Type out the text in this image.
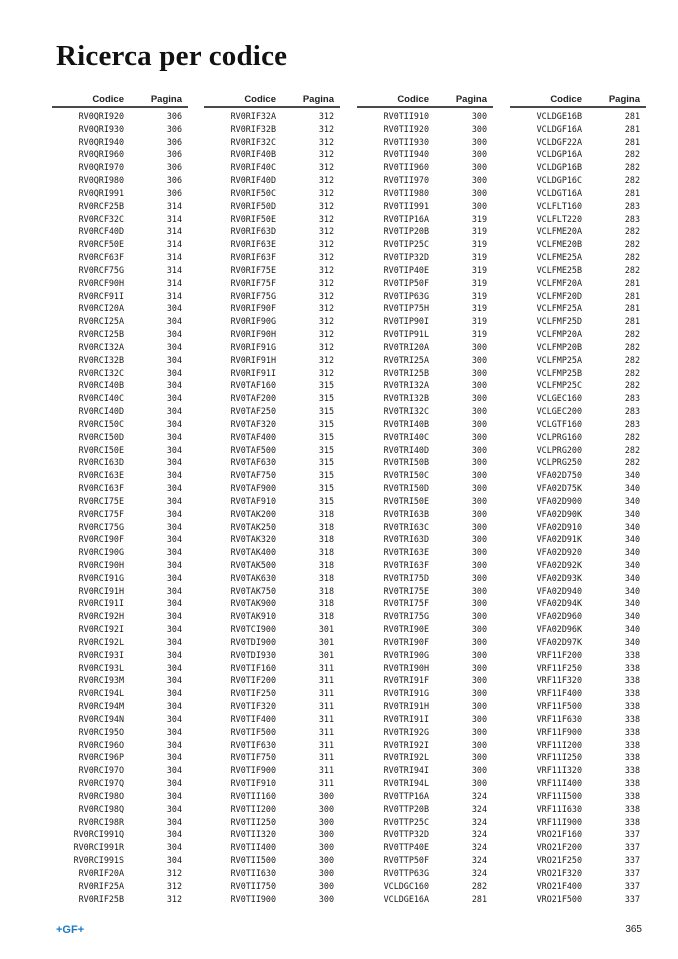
Ricerca per codice
Codice	Pagina
RV0QRI920	306
RV0QRI930	306
RV0QRI940	306
RV0QRI960	306
RV0QRI970	306
RV0QRI980	306
RV0QRI991	306
RV0RCF25B	314
RV0RCF32C	314
RV0RCF40D	314
RV0RCF50E	314
RV0RCF63F	314
RV0RCF75G	314
RV0RCF90H	314
RV0RCF91I	314
RV0RCI20A	304
RV0RCI25A	304
RV0RCI25B	304
RV0RCI32A	304
RV0RCI32B	304
RV0RCI32C	304
RV0RCI40B	304
RV0RCI40C	304
RV0RCI40D	304
RV0RCI50C	304
RV0RCI50D	304
RV0RCI50E	304
RV0RCI63D	304
RV0RCI63E	304
RV0RCI63F	304
RV0RCI75E	304
RV0RCI75F	304
RV0RCI75G	304
RV0RCI90F	304
RV0RCI90G	304
RV0RCI90H	304
RV0RCI91G	304
RV0RCI91H	304
RV0RCI91I	304
RV0RCI92H	304
RV0RCI92I	304
RV0RCI92L	304
RV0RCI93I	304
RV0RCI93L	304
RV0RCI93M	304
RV0RCI94L	304
RV0RCI94M	304
RV0RCI94N	304
RV0RCI95O	304
RV0RCI96O	304
RV0RCI96P	304
RV0RCI97O	304
RV0RCI97Q	304
RV0RCI98O	304
RV0RCI98Q	304
RV0RCI98R	304
RV0RCI991Q	304
RV0RCI991R	304
RV0RCI991S	304
RV0RIF20A	312
RV0RIF25A	312
RV0RIF25B	312
Codice	Pagina
RV0RIF32A	312
RV0RIF32B	312
RV0RIF32C	312
RV0RIF40B	312
RV0RIF40C	312
RV0RIF40D	312
RV0RIF50C	312
RV0RIF50D	312
RV0RIF50E	312
RV0RIF63D	312
RV0RIF63E	312
RV0RIF63F	312
RV0RIF75E	312
RV0RIF75F	312
RV0RIF75G	312
RV0RIF90F	312
RV0RIF90G	312
RV0RIF90H	312
RV0RIF91G	312
RV0RIF91H	312
RV0RIF91I	312
RV0TAF160	315
RV0TAF200	315
RV0TAF250	315
RV0TAF320	315
RV0TAF400	315
RV0TAF500	315
RV0TAF630	315
RV0TAF750	315
RV0TAF900	315
RV0TAF910	315
RV0TAK200	318
RV0TAK250	318
RV0TAK320	318
RV0TAK400	318
RV0TAK500	318
RV0TAK630	318
RV0TAK750	318
RV0TAK900	318
RV0TAK910	318
RV0TCI900	301
RV0TDI900	301
RV0TDI930	301
RV0TIF160	311
RV0TIF200	311
RV0TIF250	311
RV0TIF320	311
RV0TIF400	311
RV0TIF500	311
RV0TIF630	311
RV0TIF750	311
RV0TIF900	311
RV0TIF910	311
RV0TII160	300
RV0TII200	300
RV0TII250	300
RV0TII320	300
RV0TII400	300
RV0TII500	300
RV0TII630	300
RV0TII750	300
RV0TII900	300
Codice	Pagina
RV0TII910	300
RV0TII920	300
RV0TII930	300
RV0TII940	300
RV0TII960	300
RV0TII970	300
RV0TII980	300
RV0TII991	300
RV0TIP16A	319
RV0TIP20B	319
RV0TIP25C	319
RV0TIP32D	319
RV0TIP40E	319
RV0TIP50F	319
RV0TIP63G	319
RV0TIP75H	319
RV0TIP90I	319
RV0TIP91L	319
RV0TRI20A	300
RV0TRI25A	300
RV0TRI25B	300
RV0TRI32A	300
RV0TRI32B	300
RV0TRI32C	300
RV0TRI40B	300
RV0TRI40C	300
RV0TRI40D	300
RV0TRI50B	300
RV0TRI50C	300
RV0TRI50D	300
RV0TRI50E	300
RV0TRI63B	300
RV0TRI63C	300
RV0TRI63D	300
RV0TRI63E	300
RV0TRI63F	300
RV0TRI75D	300
RV0TRI75E	300
RV0TRI75F	300
RV0TRI75G	300
RV0TRI90E	300
RV0TRI90F	300
RV0TRI90G	300
RV0TRI90H	300
RV0TRI91F	300
RV0TRI91G	300
RV0TRI91H	300
RV0TRI91I	300
RV0TRI92G	300
RV0TRI92I	300
RV0TRI92L	300
RV0TRI94I	300
RV0TRI94L	300
RV0TTP16A	324
RV0TTP20B	324
RV0TTP25C	324
RV0TTP32D	324
RV0TTP40E	324
RV0TTP50F	324
RV0TTP63G	324
VCLDGC160	282
VCLDGE16A	281
Codice	Pagina
VCLDGE16B	281
VCLDGF16A	281
VCLDGF22A	281
VCLDGP16A	282
VCLDGP16B	282
VCLDGP16C	282
VCLDGT16A	281
VCLFLT160	283
VCLFLT220	283
VCLFME20A	282
VCLFME20B	282
VCLFME25A	282
VCLFME25B	282
VCLFMF20A	281
VCLFMF20D	281
VCLFMF25A	281
VCLFMF25D	281
VCLFMP20A	282
VCLFMP20B	282
VCLFMP25A	282
VCLFMP25B	282
VCLFMP25C	282
VCLGEC160	283
VCLGEC200	283
VCLGTF160	283
VCLPRG160	282
VCLPRG200	282
VCLPRG250	282
VFA02D750	340
VFA02D75K	340
VFA02D900	340
VFA02D90K	340
VFA02D910	340
VFA02D91K	340
VFA02D920	340
VFA02D92K	340
VFA02D93K	340
VFA02D940	340
VFA02D94K	340
VFA02D960	340
VFA02D96K	340
VFA02D97K	340
VRF11F200	338
VRF11F250	338
VRF11F320	338
VRF11F400	338
VRF11F500	338
VRF11F630	338
VRF11F900	338
VRF11I200	338
VRF11I250	338
VRF11I320	338
VRF11I400	338
VRF11I500	338
VRF11I630	338
VRF11I900	338
VRO21F160	337
VRO21F200	337
VRO21F250	337
VRO21F320	337
VRO21F400	337
VRO21F500	337
+GF+	365
